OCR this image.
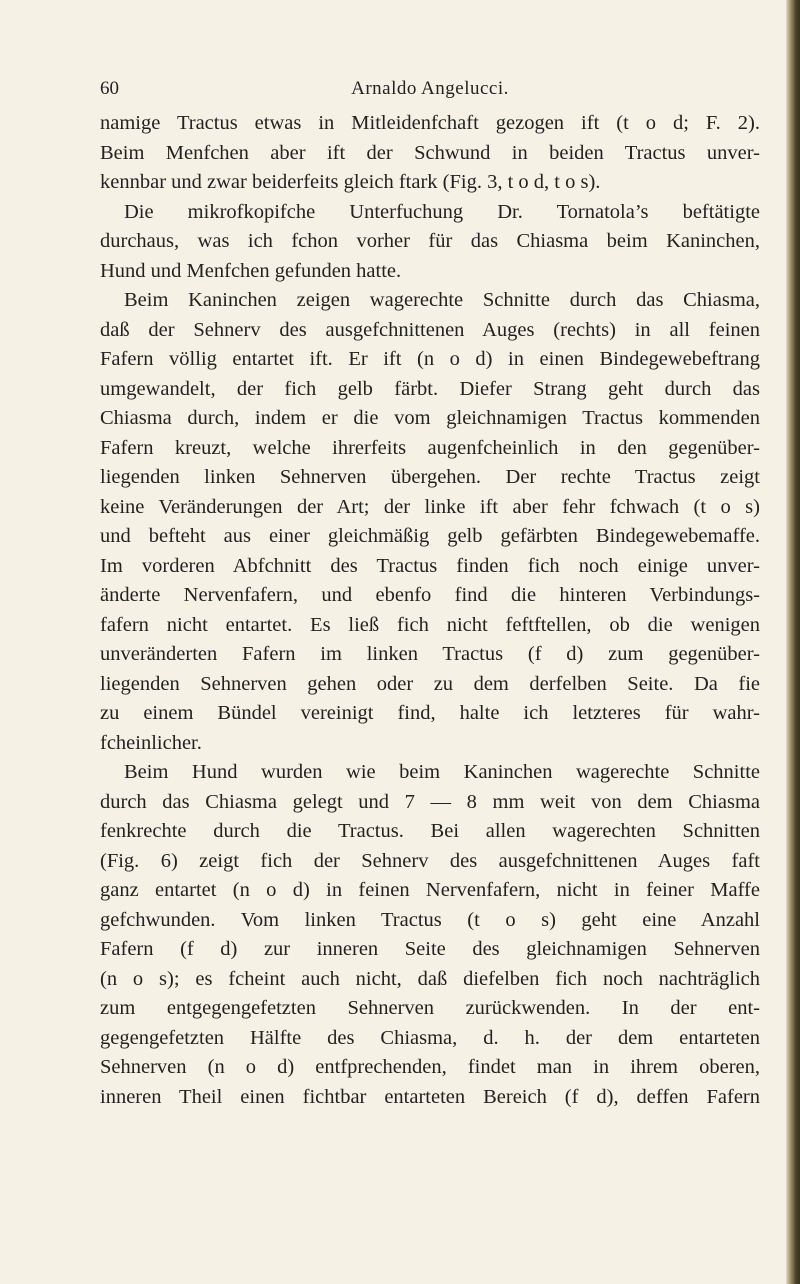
60	Arnaldo Angelucci.
namige Tractus etwas in Mitleidenfchaft gezogen ift (t o d; F. 2).
Beim Menfchen aber ift der Schwund in beiden Tractus unver-
kennbar und zwar beiderfeits gleich ftark (Fig. 3, t o d, t o s).
Die mikrofkopifche Unterfuchung Dr. Tornatola’s beftätigte
durchaus, was ich fchon vorher für das Chiasma beim Kaninchen,
Hund und Menfchen gefunden hatte.
Beim Kaninchen zeigen wagerechte Schnitte durch das Chiasma,
daß der Sehnerv des ausgefchnittenen Auges (rechts) in all feinen
Fafern völlig entartet ift. Er ift (n o d) in einen Bindegewebeftrang
umgewandelt, der fich gelb färbt. Diefer Strang geht durch das
Chiasma durch, indem er die vom gleichnamigen Tractus kommenden
Fafern kreuzt, welche ihrerfeits augenfcheinlich in den gegenüber-
liegenden linken Sehnerven übergehen. Der rechte Tractus zeigt
keine Veränderungen der Art; der linke ift aber fehr fchwach (t o s)
und befteht aus einer gleichmäßig gelb gefärbten Bindegewebemaffe.
Im vorderen Abfchnitt des Tractus finden fich noch einige unver-
änderte Nervenfafern, und ebenfo find die hinteren Verbindungs-
fafern nicht entartet. Es ließ fich nicht feftftellen, ob die wenigen
unveränderten Fafern im linken Tractus (f d) zum gegenüber-
liegenden Sehnerven gehen oder zu dem derfelben Seite. Da fie
zu einem Bündel vereinigt find, halte ich letzteres für wahr-
fcheinlicher.
Beim Hund wurden wie beim Kaninchen wagerechte Schnitte
durch das Chiasma gelegt und 7 — 8 mm weit von dem Chiasma
fenkrechte durch die Tractus. Bei allen wagerechten Schnitten
(Fig. 6) zeigt fich der Sehnerv des ausgefchnittenen Auges faft
ganz entartet (n o d) in feinen Nervenfafern, nicht in feiner Maffe
gefchwunden. Vom linken Tractus (t o s) geht eine Anzahl
Fafern (f d) zur inneren Seite des gleichnamigen Sehnerven
(n o s); es fcheint auch nicht, daß diefelben fich noch nachträglich
zum entgegengefetzten Sehnerven zurückwenden. In der ent-
gegengefetzten Hälfte des Chiasma, d. h. der dem entarteten
Sehnerven (n o d) entfprechenden, findet man in ihrem oberen,
inneren Theil einen fichtbar entarteten Bereich (f d), deffen Fafern
